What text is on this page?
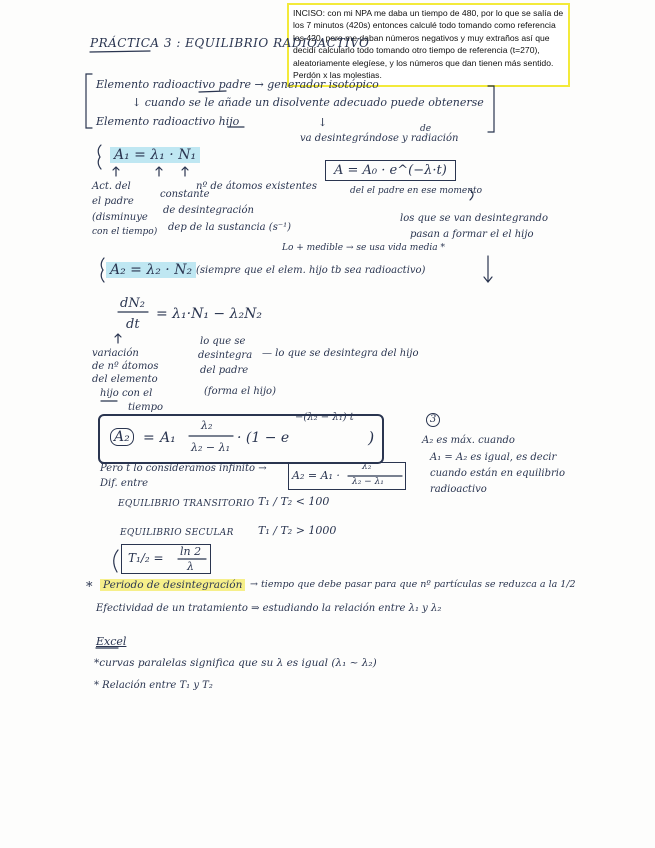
INCISO: con mi NPA me daba un tiempo de 480, por lo que se salía de los 7 minutos (420s) entonces calculé todo tomando como referencia los 420, pero me daban números negativos y muy extraños así que decidí calcularlo todo tomando otro tiempo de referencia (t=270), aleatoriamente elegíese, y los números que dan tienen más sentido. Perdón x las molestias.
PRÁCTICA 3 : EQUILIBRIO RADIOACTIVO
Elemento radioactivo padre → generador isotópico
↓ cuando se le añade un disolvente adecuado puede obtenerse
Elemento radioactivo hijo	↓	de
va desintegrándose y radiación
A₁ = λ₁ · N₁
A = A₀ · e^(−λ·t)
Act. del
el padre
(disminuye
con el tiempo)
constante
de desintegración
dep de la sustancia (s⁻¹)
nº de átomos existentes	del el padre en ese momento
Lo + medible → se usa vida media *
los que se van desintegrando
pasan a formar el el hijo
A₂ = λ₂ · N₂ (siempre que el elem. hijo tb sea radioactivo)
dN₂
dt
= λ₁·N₁ − λ₂N₂
variación
de nº átomos
del elemento
hijo con el
tiempo
lo que se
desintegra
del padre
(forma el hijo)
— lo que se desintegra del hijo
A₂ = A₁
λ₂
λ₂ − λ₁
· (1 − e
−(λ₂ − λ₁) t
)
3
A₂ es máx. cuando
A₁ = A₂ es igual, es decir
cuando están en equilibrio
radioactivo
Pero t lo consideramos infinito →
A₂ = A₁ ·
λ₂
λ₂ − λ₁
Dif. entre
EQUILIBRIO TRANSITORIO T₁ / T₂ < 100
EQUILIBRIO SECULAR T₁ / T₂ > 1000
T₁/₂ = ln 2
λ
* Periodo de desintegración → tiempo que debe pasar para que nº partículas se reduzca a la 1/2
Efectividad de un tratamiento ⇒ estudiando la relación entre λ₁ y λ₂
Excel
*curvas paralelas significa que su λ es igual (λ₁ ~ λ₂)
* Relación entre T₁ y T₂
